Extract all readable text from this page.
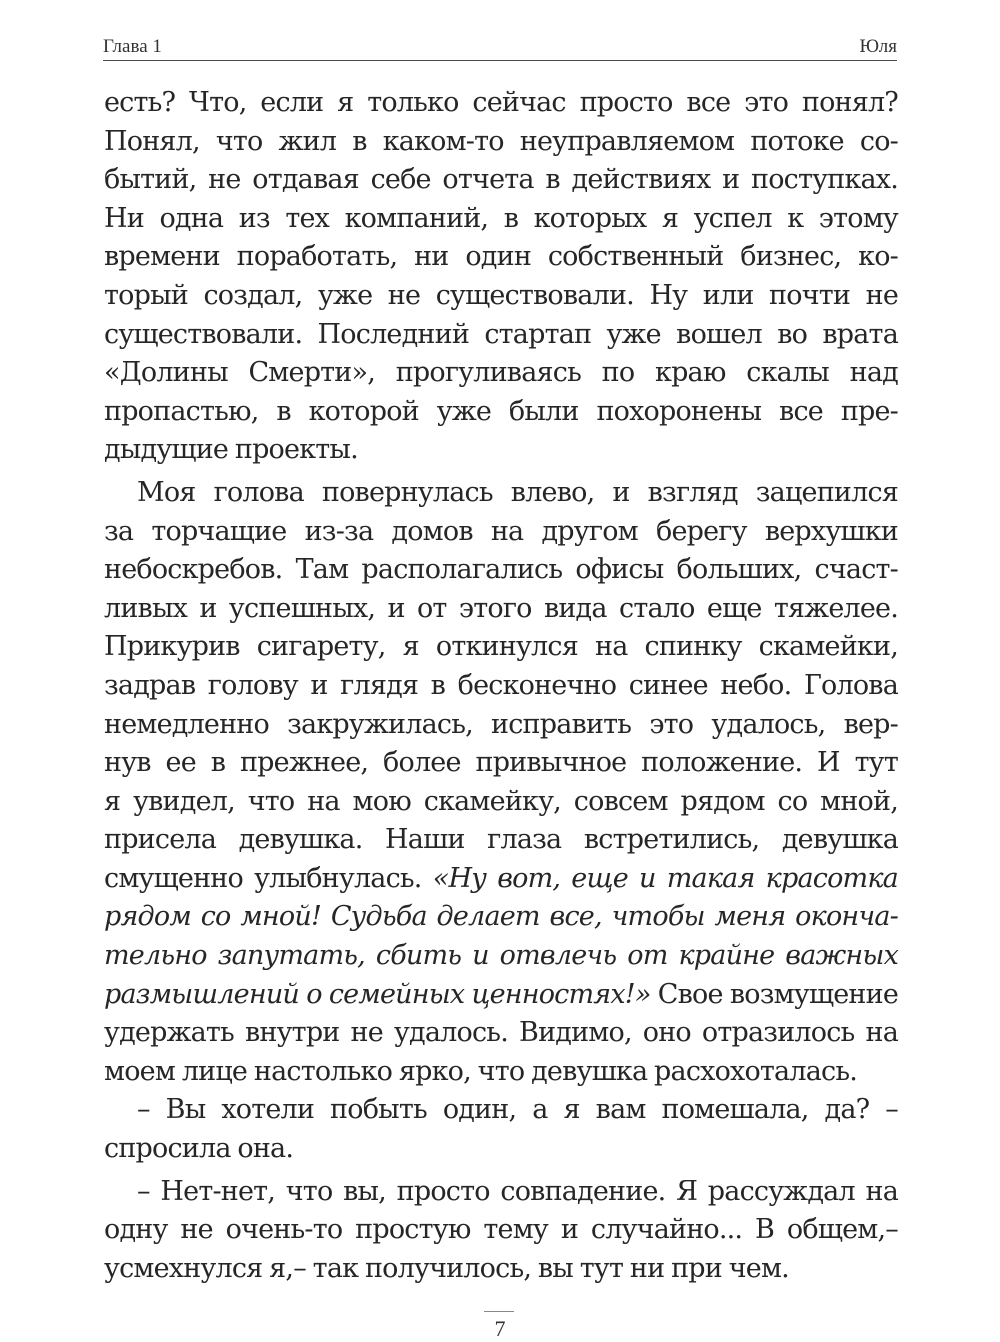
Глава 1	Юля
есть? Что, если я только сейчас просто все это понял?
Понял, что жил в каком-то неуправляемом потоке со-
бытий, не отдавая себе отчета в действиях и поступках.
Ни одна из тех компаний, в которых я успел к этому
времени поработать, ни один собственный бизнес, ко-
торый создал, уже не существовали. Ну или почти не
существовали. Последний стартап уже вошел во врата
«Долины Смерти», прогуливаясь по краю скалы над
пропастью, в которой уже были похоронены все пре-
дыдущие проекты.
Моя голова повернулась влево, и взгляд зацепился
за торчащие из-за домов на другом берегу верхушки
небоскребов. Там располагались офисы больших, счаст-
ливых и успешных, и от этого вида стало еще тяжелее.
Прикурив сигарету, я откинулся на спинку скамейки,
задрав голову и глядя в бесконечно синее небо. Голова
немедленно закружилась, исправить это удалось, вер-
нув ее в прежнее, более привычное положение. И тут
я увидел, что на мою скамейку, совсем рядом со мной,
присела девушка. Наши глаза встретились, девушка
смущенно улыбнулась. «Ну вот, еще и такая красотка
рядом со мной! Судьба делает все, чтобы меня оконча-
тельно запутать, сбить и отвлечь от крайне важных
размышлений о семейных ценностях!» Свое возмущение
удержать внутри не удалось. Видимо, оно отразилось на
моем лице настолько ярко, что девушка расхохоталась.
– Вы хотели побыть один, а я вам помешала, да? –
спросила она.
– Нет-нет, что вы, просто совпадение. Я рассуждал на
одну не очень-то простую тему и случайно... В общем,–
усмехнулся я,– так получилось, вы тут ни при чем.
7
